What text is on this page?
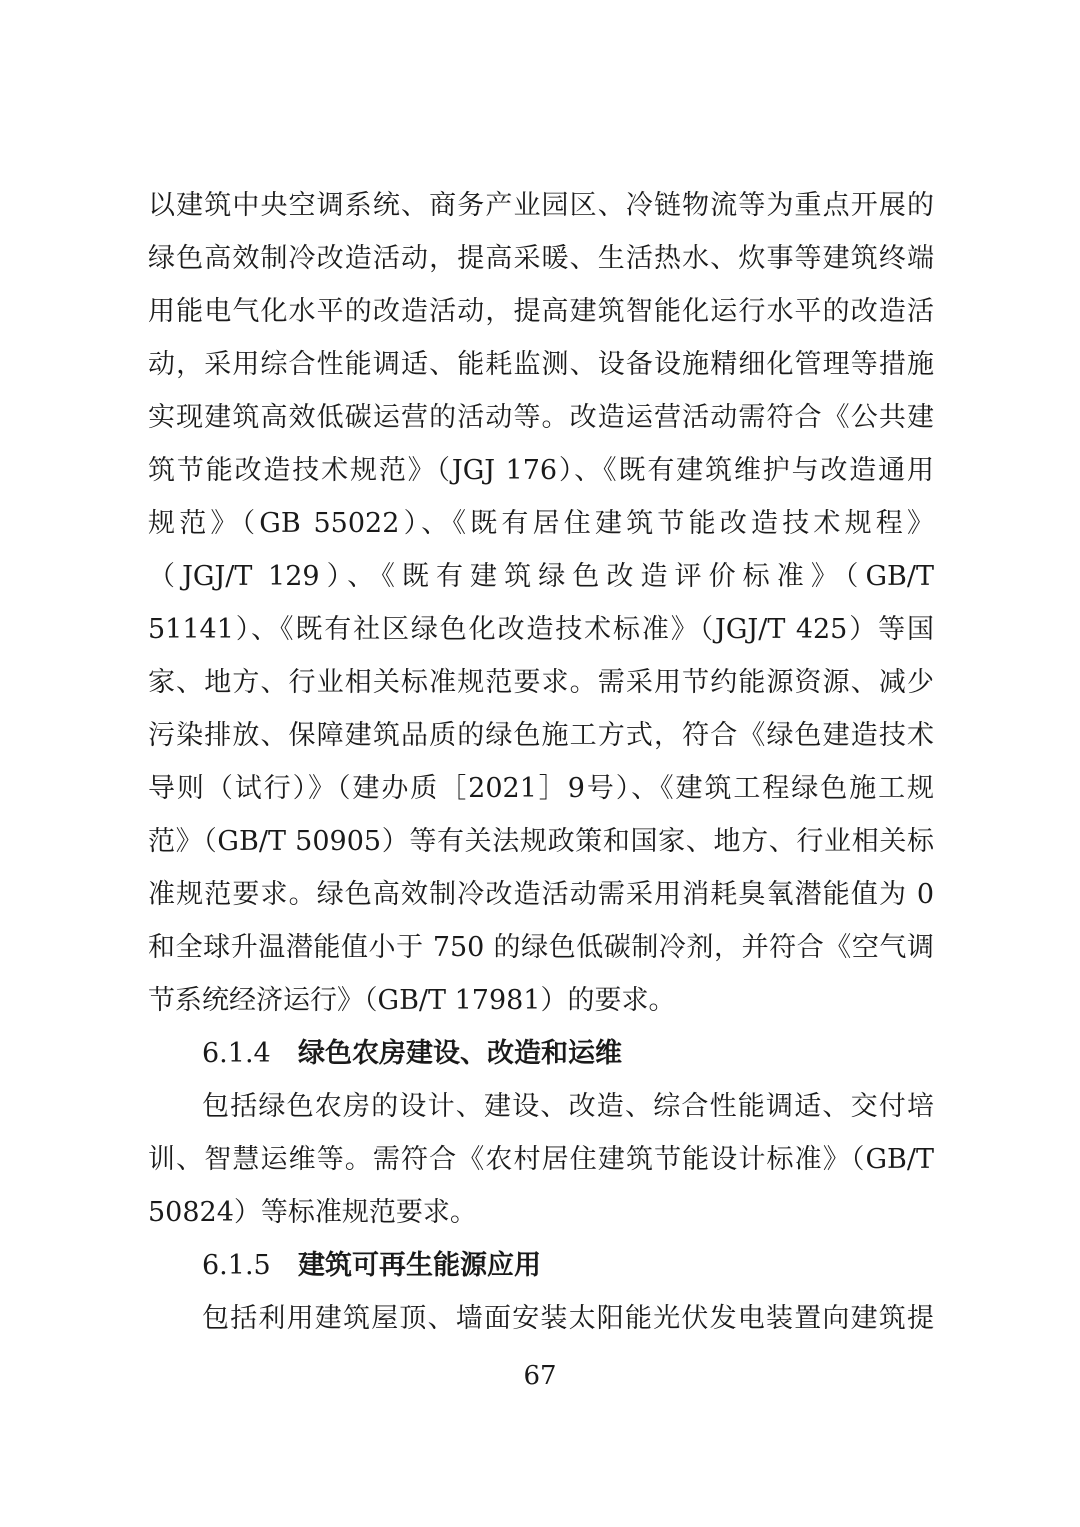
以建筑中央空调系统、商务产业园区、冷链物流等为重点开展的
绿色高效制冷改造活动，提高采暖、生活热水、炊事等建筑终端
用能电气化水平的改造活动，提高建筑智能化运行水平的改造活
动，采用综合性能调适、能耗监测、设备设施精细化管理等措施
实现建筑高效低碳运营的活动等。改造运营活动需符合《公共建
筑节能改造技术规范》（JGJ 176）、《既有建筑维护与改造通用
规范》（GB 55022）、《既有居住建筑节能改造技术规程》
（JGJ/T 129）、《既有建筑绿色改造评价标准》（GB/T
51141）、《既有社区绿色化改造技术标准》（JGJ/T 425）等国
家、地方、行业相关标准规范要求。需采用节约能源资源、减少
污染排放、保障建筑品质的绿色施工方式，符合《绿色建造技术
导则（试行）》（建办质［2021］9号）、《建筑工程绿色施工规
范》（GB/T 50905）等有关法规政策和国家、地方、行业相关标
准规范要求。绿色高效制冷改造活动需采用消耗臭氧潜能值为 0
和全球升温潜能值小于 750 的绿色低碳制冷剂，并符合《空气调
节系统经济运行》（GB/T 17981）的要求。
6.1.4 绿色农房建设、改造和运维
包括绿色农房的设计、建设、改造、综合性能调适、交付培
训、智慧运维等。需符合《农村居住建筑节能设计标准》（GB/T
50824）等标准规范要求。
6.1.5 建筑可再生能源应用
包括利用建筑屋顶、墙面安装太阳能光伏发电装置向建筑提
67
